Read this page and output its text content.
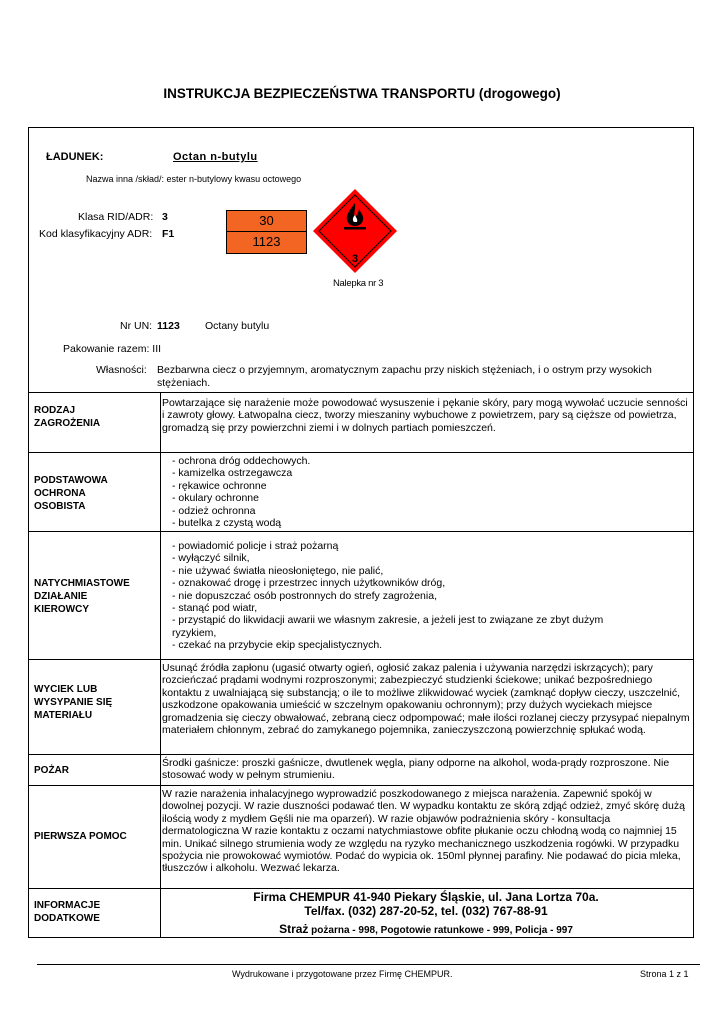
INSTRUKCJA BEZPIECZEŃSTWA TRANSPORTU (drogowego)
ŁADUNEK:	Octan n-butylu
Nazwa inna /skład/: ester n-butylowy kwasu octowego
Klasa RID/ADR: 3
Kod klasyfikacyjny ADR: F1
30
1123
3
Nalepka nr 3
Nr UN: 1123 Octany butylu
Pakowanie razem: III
Własności: Bezbarwna ciecz o przyjemnym, aromatycznym zapachu przy niskich stężeniach, i o ostrym przy wysokich stężeniach.
RODZAJ
ZAGROŻENIA
Powtarzające się narażenie może powodować wysuszenie i pękanie skóry, pary mogą wywołać uczucie senności i zawroty głowy. Łatwopalna ciecz, tworzy mieszaniny wybuchowe z powietrzem, pary są cięższe od powietrza, gromadzą się przy powierzchni ziemi i w dolnych partiach pomieszczeń.
PODSTAWOWA
OCHRONA
OSOBISTA
- ochrona dróg oddechowych.
- kamizelka ostrzegawcza
- rękawice ochronne
- okulary ochronne
- odzież ochronna
- butelka z czystą wodą
NATYCHMIASTOWE
DZIAŁANIE
KIEROWCY
- powiadomić policje i straż pożarną
- wyłączyć silnik,
- nie używać światła nieosłoniętego, nie palić,
- oznakować drogę i przestrzec innych użytkowników dróg,
- nie dopuszczać osób postronnych do strefy zagrożenia,
- stanąć pod wiatr,
- przystąpić do likwidacji awarii we własnym zakresie, a jeżeli jest to związane ze zbyt dużym ryzykiem,
- czekać na przybycie ekip specjalistycznych.
WYCIEK LUB
WYSYPANIE SIĘ
MATERIAŁU
Usunąć źródła zapłonu (ugasić otwarty ogień, ogłosić zakaz palenia i używania narzędzi iskrzących); pary rozcieńczać prądami wodnymi rozproszonymi; zabezpieczyć studzienki ściekowe; unikać bezpośredniego kontaktu z uwalniającą się substancją; o ile to możliwe zlikwidować wyciek (zamknąć dopływ cieczy, uszczelnić, uszkodzone opakowania umieścić w szczelnym opakowaniu ochronnym); przy dużych wyciekach miejsce gromadzenia się cieczy obwałować, zebraną ciecz odpompować; małe ilości rozlanej cieczy przysypać niepalnym materiałem chłonnym, zebrać do zamykanego pojemnika, zanieczyszczoną powierzchnię spłukać wodą.
POŻAR
Środki gaśnicze: proszki gaśnicze, dwutlenek węgla, piany odporne na alkohol, woda-prądy rozproszone. Nie stosować wody w pełnym strumieniu.
PIERWSZA POMOC
W razie narażenia inhalacyjnego wyprowadzić poszkodowanego z miejsca narażenia. Zapewnić spokój w dowolnej pozycji. W razie duszności podawać tlen. W wypadku kontaktu ze skórą zdjąć odzież, zmyć skórę dużą ilością wody z mydłem Gęśli nie ma oparzeń). W razie objawów podrażnienia skóry - konsultacja dermatologiczna W razie kontaktu z oczami natychmiastowe obfite płukanie oczu chłodną wodą co najmniej 15 min. Unikać silnego strumienia wody ze względu na ryzyko mechanicznego uszkodzenia rogówki. W przypadku spożycia nie prowokować wymiotów. Podać do wypicia ok. 150ml płynnej parafiny. Nie podawać do picia mleka, tłuszczów i alkoholu. Wezwać lekarza.
INFORMACJE
DODATKOWE
Firma CHEMPUR 41-940 Piekary Śląskie, ul. Jana Lortza 70a.
Tel/fax. (032) 287-20-52, tel. (032) 767-88-91
Straż pożarna - 998, Pogotowie ratunkowe - 999, Policja - 997
Wydrukowane i przygotowane przez Firmę CHEMPUR.	Strona 1 z 1
